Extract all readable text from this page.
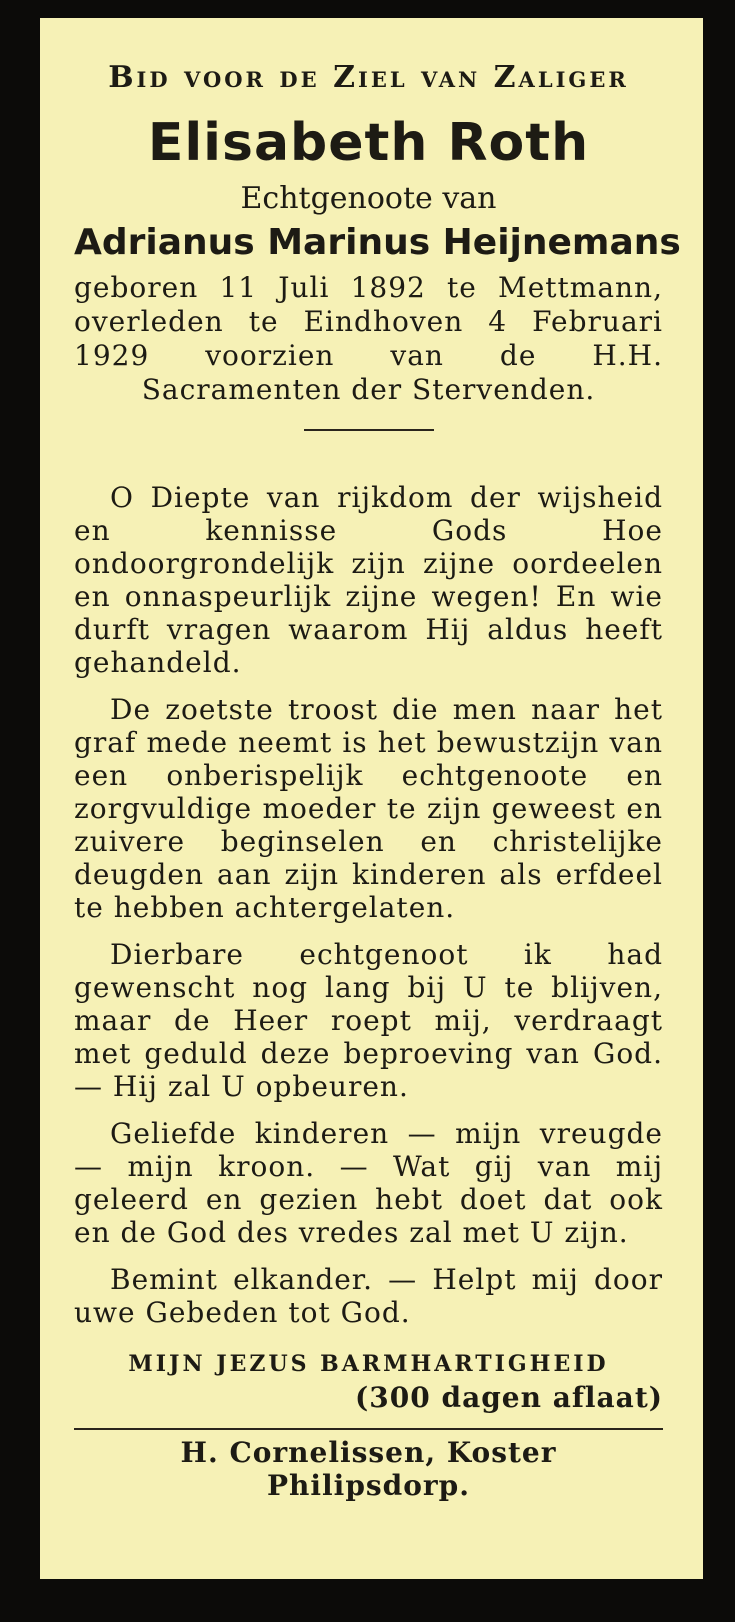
Bid voor de Ziel van Zaliger
Elisabeth Roth
Echtgenoote van
Adrianus Marinus Heijnemans
geboren 11 Juli 1892 te Mettmann, overleden te Eindhoven 4 Februari 1929 voorzien van de H.H. Sacramenten der Stervenden.

O Diepte van rijkdom der wijsheid en kennisse Gods Hoe ondoorgrondelijk zijn zijne oordeelen en onnaspeurlijk zijne wegen! En wie durft vragen waarom Hij aldus heeft gehandeld.

De zoetste troost die men naar het graf mede neemt is het bewustzijn van een onberispelijk echtgenoote en zorgvuldige moeder te zijn geweest en zuivere beginselen en christelijke deugden aan zijn kinderen als erfdeel te hebben achtergelaten.

Dierbare echtgenoot ik had gewenscht nog lang bij U te blijven, maar de Heer roept mij, verdraagt met geduld deze beproeving van God. — Hij zal U opbeuren.

Geliefde kinderen — mijn vreugde — mijn kroon. — Wat gij van mij geleerd en gezien hebt doet dat ook en de God des vredes zal met U zijn.

Bemint elkander. — Helpt mij door uwe Gebeden tot God.

MIJN JEZUS BARMHARTIGHEID
(300 dagen aflaat)
H. Cornelissen, Koster Philipsdorp.
